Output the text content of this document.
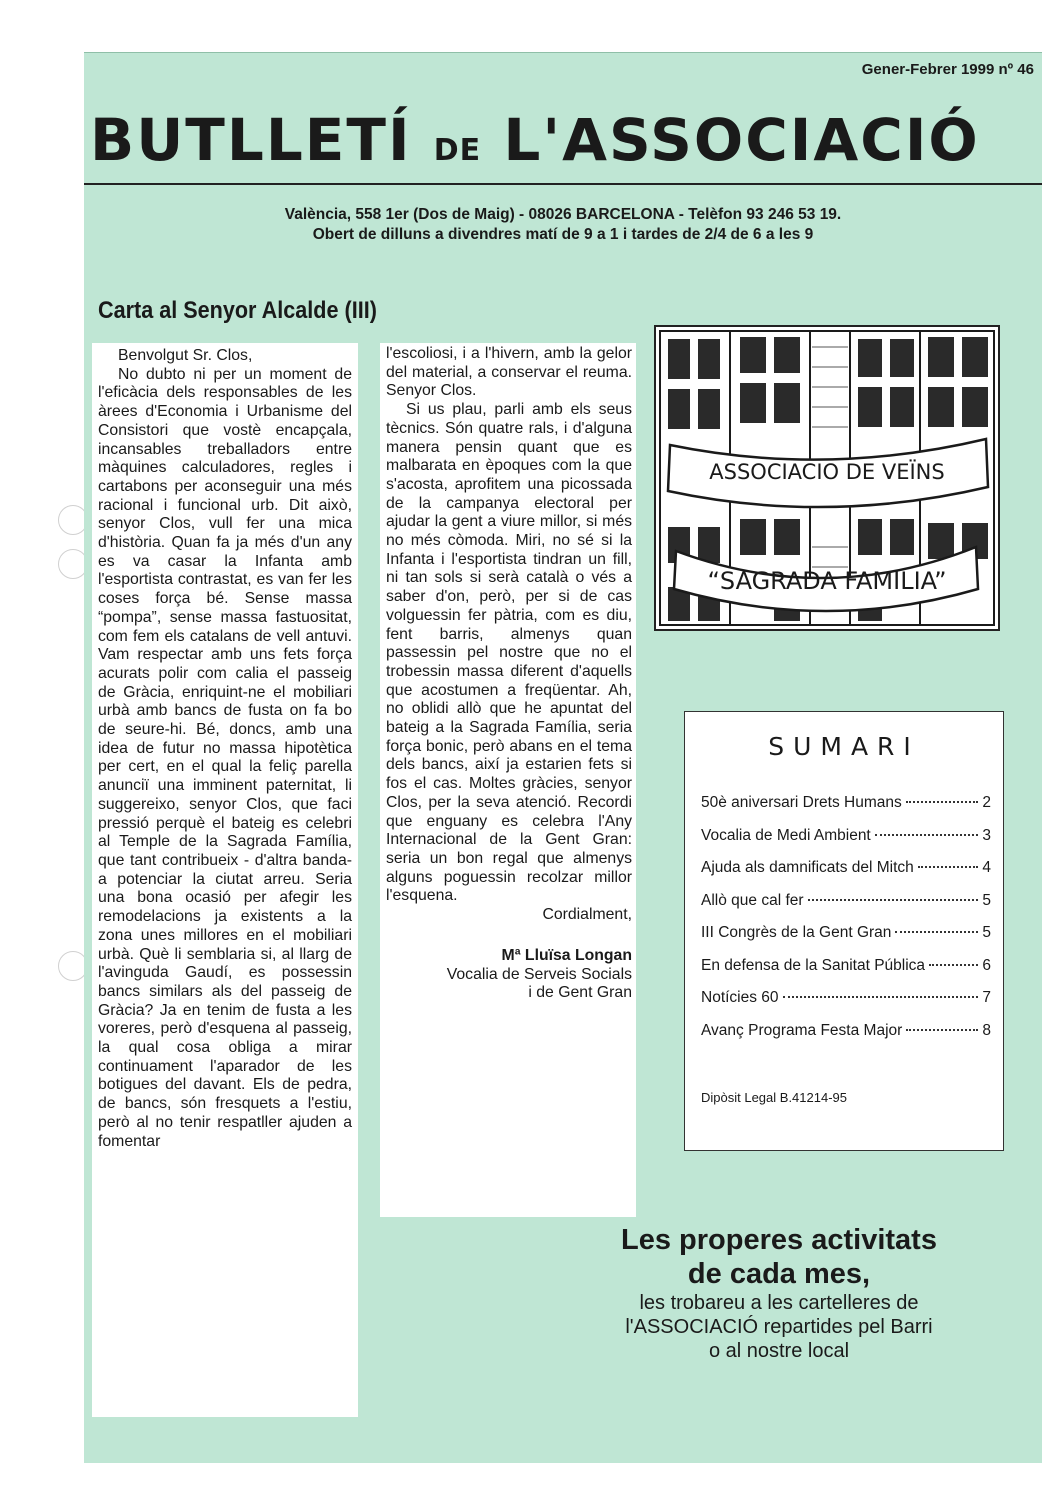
Gener-Febrer 1999 nº 46
BUTLLETÍ DE L'ASSOCIACIÓ
València, 558 1er (Dos de Maig) - 08026 BARCELONA - Telèfon 93 246 53 19.
Obert de dilluns a divendres matí de 9 a 1 i tardes de 2/4 de 6 a les 9
Carta al Senyor Alcalde (III)

Benvolgut Sr. Clos,

No dubto ni per un moment de l'eficàcia dels responsables de les àrees d'Economia i Urbanisme del Consistori que vostè encapçala, incansables treballadors entre màquines calculadores, regles i cartabons per aconseguir una més racional i funcional urb. Dit això, senyor Clos, vull fer una mica d'història. Quan fa ja més d'un any es va casar la Infanta amb l'esportista contrastat, es van fer les coses força bé. Sense massa “pompa”, sense massa fastuositat, com fem els catalans de vell antuvi. Vam respectar amb uns fets força acurats polir com calia el passeig de Gràcia, enriquint-ne el mobiliari urbà amb bancs de fusta on fa bo de seure-hi. Bé, doncs, amb una idea de futur no massa hipotètica per cert, en el qual la feliç parella anunciï una imminent paternitat, li suggereixo, senyor Clos, que faci pressió perquè el bateig es celebri al Temple de la Sagrada Família, que tant contribueix - d'altra banda- a potenciar la ciutat arreu. Seria una bona ocasió per afegir les remodelacions ja existents a la zona unes millores en el mobiliari urbà. Què li semblaria si, al llarg de l'avinguda Gaudí, es possessin bancs similars als del passeig de Gràcia? Ja en tenim de fusta a les voreres, però d'esquena al passeig, la qual cosa obliga a mirar continuament l'aparador de les botigues del davant. Els de pedra, de bancs, són fresquets a l'estiu, però al no tenir respatller ajuden a fomentar

l'escoliosi, i a l'hivern, amb la gelor del material, a conservar el reuma. Senyor Clos.

Si us plau, parli amb els seus tècnics. Són quatre rals, i d'alguna manera pensin quant que es malbarata en èpoques com la que s'acosta, aprofitem una picossada de la campanya electoral per ajudar la gent a viure millor, si més no més còmoda. Miri, no sé si la Infanta i l'esportista tindran un fill, ni tan sols si serà català o vés a saber d'on, però, per si de cas volguessin fer pàtria, com es diu, fent barris, almenys quan passessin pel nostre que no el trobessin massa diferent d'aquells que acostumen a freqüentar. Ah, no oblidi allò que he apuntat del bateig a la Sagrada Família, seria força bonic, però abans en el tema dels bancs, així ja estarien fets si fos el cas. Moltes gràcies, senyor Clos, per la seva atenció. Recordi que enguany es celebra l'Any Internacional de la Gent Gran: seria un bon regal que almenys alguns poguessin recolzar millor l'esquena.

Cordialment,

Mª Lluïsa Longan
Vocalia de Serveis Socials
i de Gent Gran
ASSOCIACIO DE VEÏNS
“SAGRADA FAMILIA”
SUMARI
50è aniversari Drets Humans	2
Vocalia de Medi Ambient	3
Ajuda als damnificats del Mitch	4
Allò que cal fer	5
III Congrès de la Gent Gran	5
En defensa de la Sanitat Pública	6
Notícies 60	7
Avanç Programa Festa Major	8
Dipòsit Legal B.41214-95
Les properes activitats
de cada mes,
les trobareu a les cartelleres de
l'ASSOCIACIÓ repartides pel Barri
o al nostre local
